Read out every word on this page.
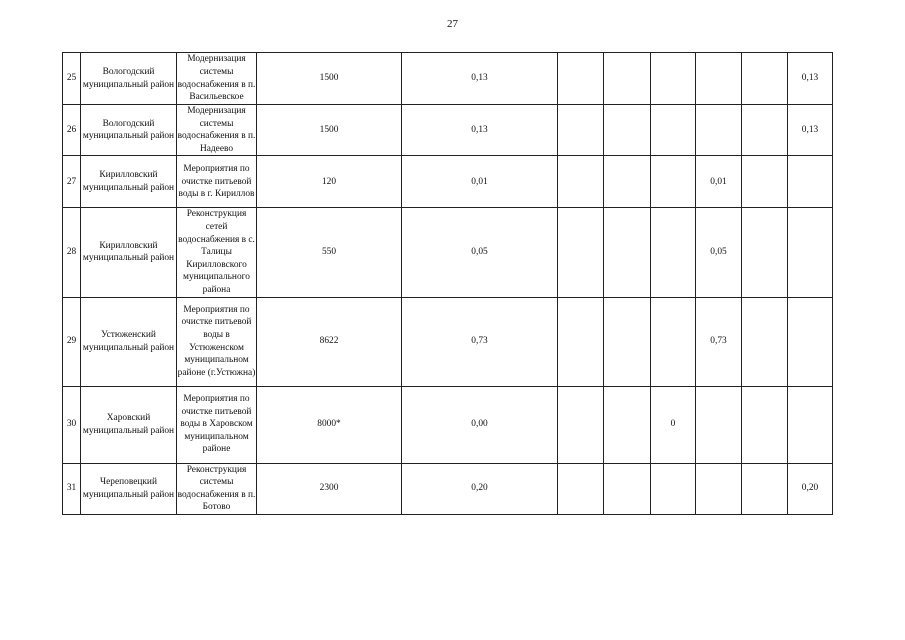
27
25	Вологодский муниципальный район	Модернизация системы водоснабжения в п. Васильевское	1500	0,13						0,13
26	Вологодский муниципальный район	Модернизация системы водоснабжения в п. Надеево	1500	0,13						0,13
27	Кирилловский муниципальный район	Мероприятия по очистке питьевой воды в г. Кириллов	120	0,01				0,01		
28	Кирилловский муниципальный район	Реконструкция сетей водоснабжения в с. Талицы Кирилловского муниципального района	550	0,05				0,05		
29	Устюженский муниципальный район	Мероприятия по очистке питьевой воды в Устюженском муниципальном районе (г.Устюжна)	8622	0,73				0,73		
30	Харовский муниципальный район	Мероприятия по очистке питьевой воды в Харовском муниципальном районе	8000*	0,00			0			
31	Череповецкий муниципальный район	Реконструкция системы водоснабжения в п. Ботово	2300	0,20						0,20
